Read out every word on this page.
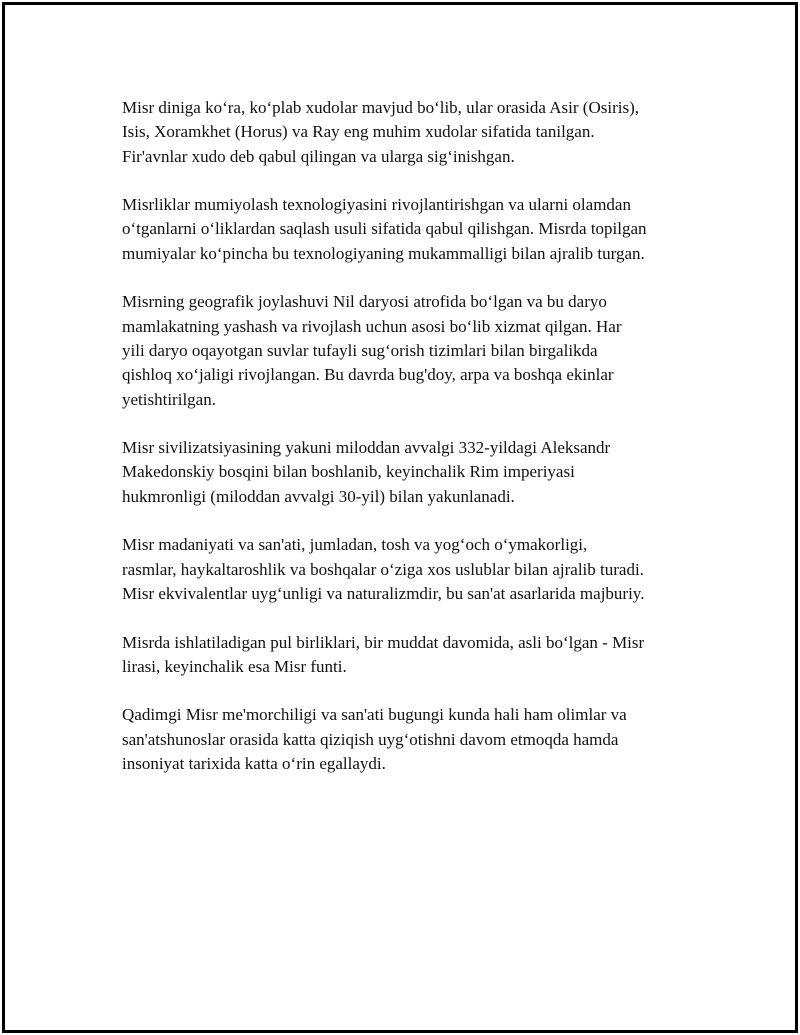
Misr diniga ko‘ra, ko‘plab xudolar mavjud bo‘lib, ular orasida Asir (Osiris),
Isis, Xoramkhet (Horus) va Ray eng muhim xudolar sifatida tanilgan.
Fir'avnlar xudo deb qabul qilingan va ularga sig‘inishgan.

Misrliklar mumiyolash texnologiyasini rivojlantirishgan va ularni olamdan
o‘tganlarni o‘liklardan saqlash usuli sifatida qabul qilishgan. Misrda topilgan
mumiyalar ko‘pincha bu texnologiyaning mukammalligi bilan ajralib turgan.

Misrning geografik joylashuvi Nil daryosi atrofida bo‘lgan va bu daryo
mamlakatning yashash va rivojlash uchun asosi bo‘lib xizmat qilgan. Har
yili daryo oqayotgan suvlar tufayli sug‘orish tizimlari bilan birgalikda
qishloq xo‘jaligi rivojlangan. Bu davrda bug'doy, arpa va boshqa ekinlar
yetishtirilgan.

Misr sivilizatsiyasining yakuni miloddan avvalgi 332-yildagi Aleksandr
Makedonskiy bosqini bilan boshlanib, keyinchalik Rim imperiyasi
hukmronligi (miloddan avvalgi 30-yil) bilan yakunlanadi.

Misr madaniyati va san'ati, jumladan, tosh va yog‘och o‘ymakorligi,
rasmlar, haykaltaroshlik va boshqalar o‘ziga xos uslublar bilan ajralib turadi.
Misr ekvivalentlar uyg‘unligi va naturalizmdir, bu san'at asarlarida majburiy.

Misrda ishlatiladigan pul birliklari, bir muddat davomida, asli bo‘lgan - Misr
lirasi, keyinchalik esa Misr funti.

Qadimgi Misr me'morchiligi va san'ati bugungi kunda hali ham olimlar va
san'atshunoslar orasida katta qiziqish uyg‘otishni davom etmoqda hamda
insoniyat tarixida katta o‘rin egallaydi.
